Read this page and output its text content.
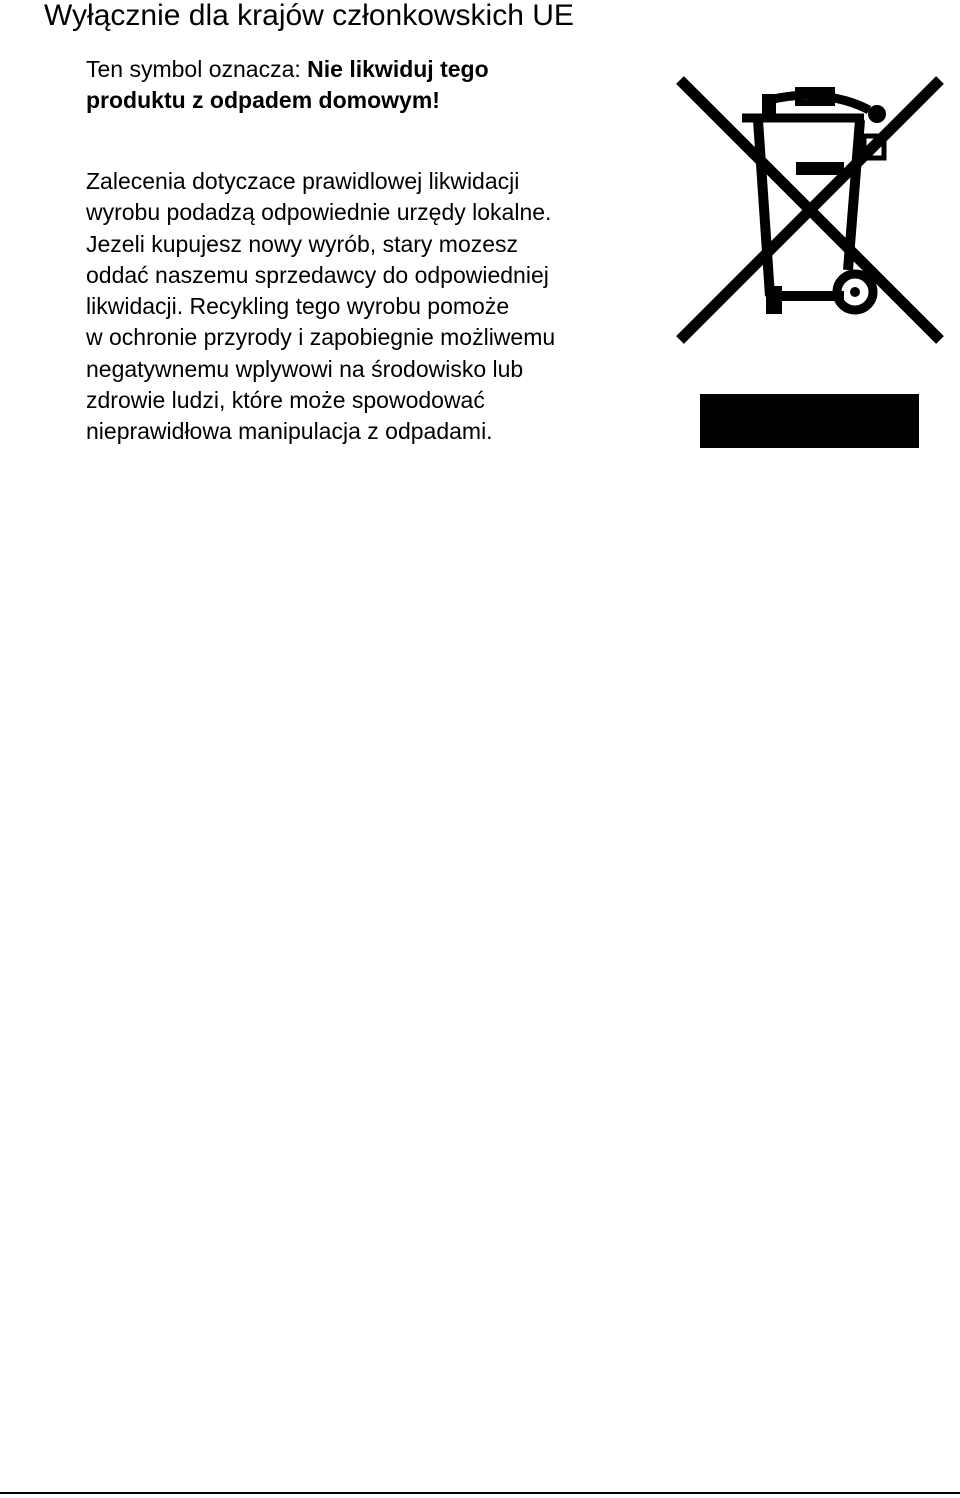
Wyłącznie dla krajów członkowskich UE

Ten symbol oznacza: Nie likwiduj tego
produktu z odpadem domowym!

Zalecenia dotyczace prawidlowej likwidacji
wyrobu podadzą odpowiednie urzędy lokalne.
Jezeli kupujesz nowy wyrób, stary mozesz
oddać naszemu sprzedawcy do odpowiedniej
likwidacji. Recykling tego wyrobu pomoże
w ochronie przyrody i zapobiegnie możliwemu
negatywnemu wplywowi na środowisko lub
zdrowie ludzi, które może spowodować
nieprawidłowa manipulacja z odpadami.
